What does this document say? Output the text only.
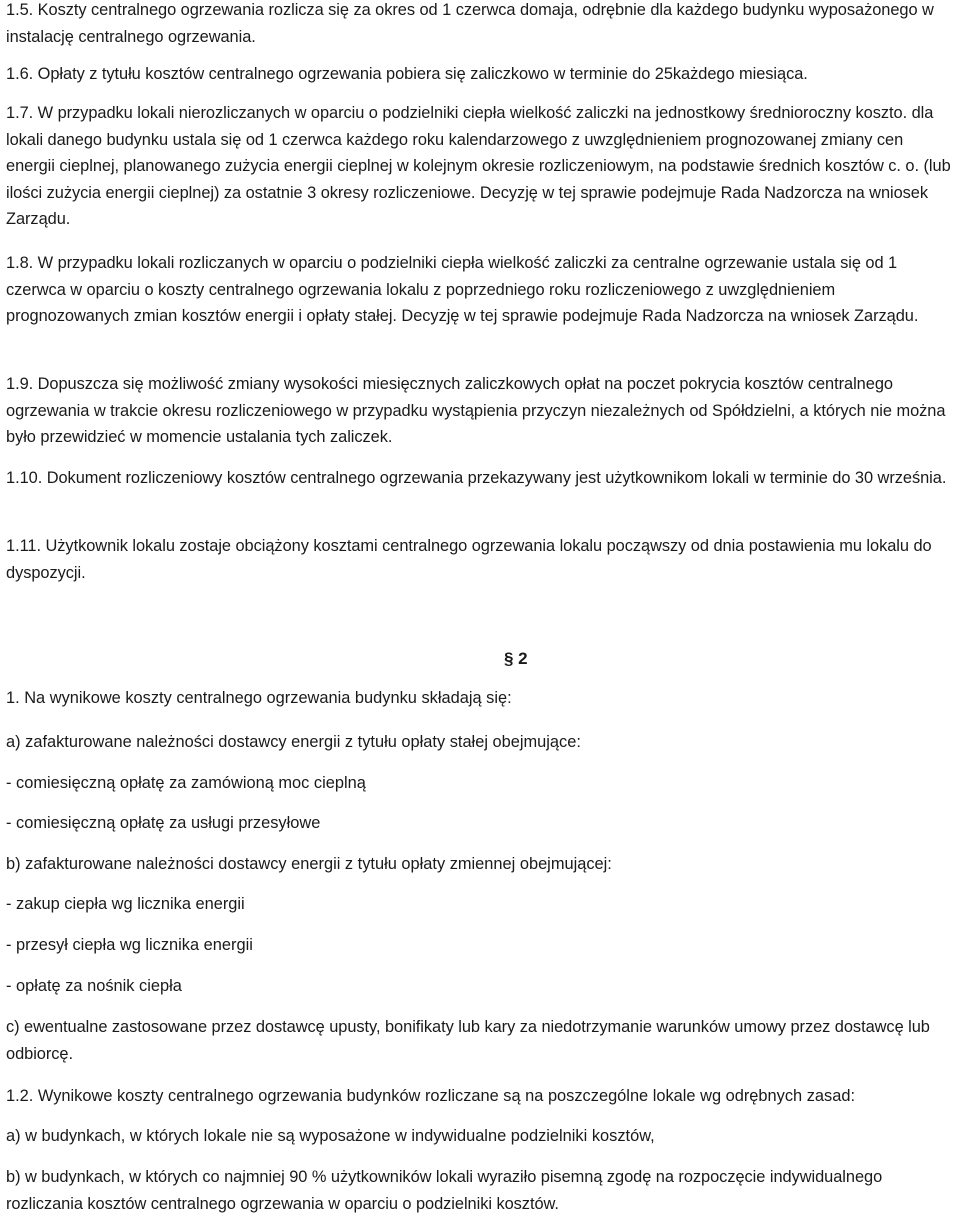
1.5. Koszty centralnego ogrzewania rozlicza się za okres od 1 czerwca domaja, odrębnie dla każdego budynku wyposażonego w instalację centralnego ogrzewania.

1.6. Opłaty z tytułu kosztów centralnego ogrzewania pobiera się zaliczkowo w terminie do 25każdego miesiąca.

1.7. W przypadku lokali nierozliczanych w oparciu o podzielniki ciepła wielkość zaliczki na jednostkowy średnioroczny koszto. dla lokali danego budynku ustala się od 1 czerwca każdego roku kalendarzowego z uwzględnieniem prognozowanej zmiany cen energii cieplnej, planowanego zużycia energii cieplnej w kolejnym okresie rozliczeniowym, na podstawie średnich kosztów c. o. (lub ilości zużycia energii cieplnej) za ostatnie 3 okresy rozliczeniowe. Decyzję w tej sprawie podejmuje Rada Nadzorcza na wniosek Zarządu.

1.8. W przypadku lokali rozliczanych w oparciu o podzielniki ciepła wielkość zaliczki za centralne ogrzewanie ustala się od 1 czerwca w oparciu o koszty centralnego ogrzewania lokalu z poprzedniego roku rozliczeniowego z uwzględnieniem prognozowanych zmian kosztów energii i opłaty stałej. Decyzję w tej sprawie podejmuje Rada Nadzorcza na wniosek Zarządu.

1.9. Dopuszcza się możliwość zmiany wysokości miesięcznych zaliczkowych opłat na poczet pokrycia kosztów centralnego ogrzewania w trakcie okresu rozliczeniowego w przypadku wystąpienia przyczyn niezależnych od Spółdzielni, a których nie można było przewidzieć w momencie ustalania tych zaliczek.

1.10. Dokument rozliczeniowy kosztów centralnego ogrzewania przekazywany jest użytkownikom lokali w terminie do 30 września.

1.11. Użytkownik lokalu zostaje obciążony kosztami centralnego ogrzewania lokalu począwszy od dnia postawienia mu lokalu do dyspozycji.

§ 2

1. Na wynikowe koszty centralnego ogrzewania budynku składają się:

a) zafakturowane należności dostawcy energii z tytułu opłaty stałej obejmujące:

- comiesięczną opłatę za zamówioną moc cieplną

- comiesięczną opłatę za usługi przesyłowe

b) zafakturowane należności dostawcy energii z tytułu opłaty zmiennej obejmującej:

- zakup ciepła wg licznika energii

- przesył ciepła wg licznika energii

- opłatę za nośnik ciepła

c) ewentualne zastosowane przez dostawcę upusty, bonifikaty lub kary za niedotrzymanie warunków umowy przez dostawcę lub odbiorcę.

1.2. Wynikowe koszty centralnego ogrzewania budynków rozliczane są na poszczególne lokale wg odrębnych zasad:

a) w budynkach, w których lokale nie są wyposażone w indywidualne podzielniki kosztów,

b) w budynkach, w których co najmniej 90 % użytkowników lokali wyraziło pisemną zgodę na rozpoczęcie indywidualnego rozliczania kosztów centralnego ogrzewania w oparciu o podzielniki kosztów.
